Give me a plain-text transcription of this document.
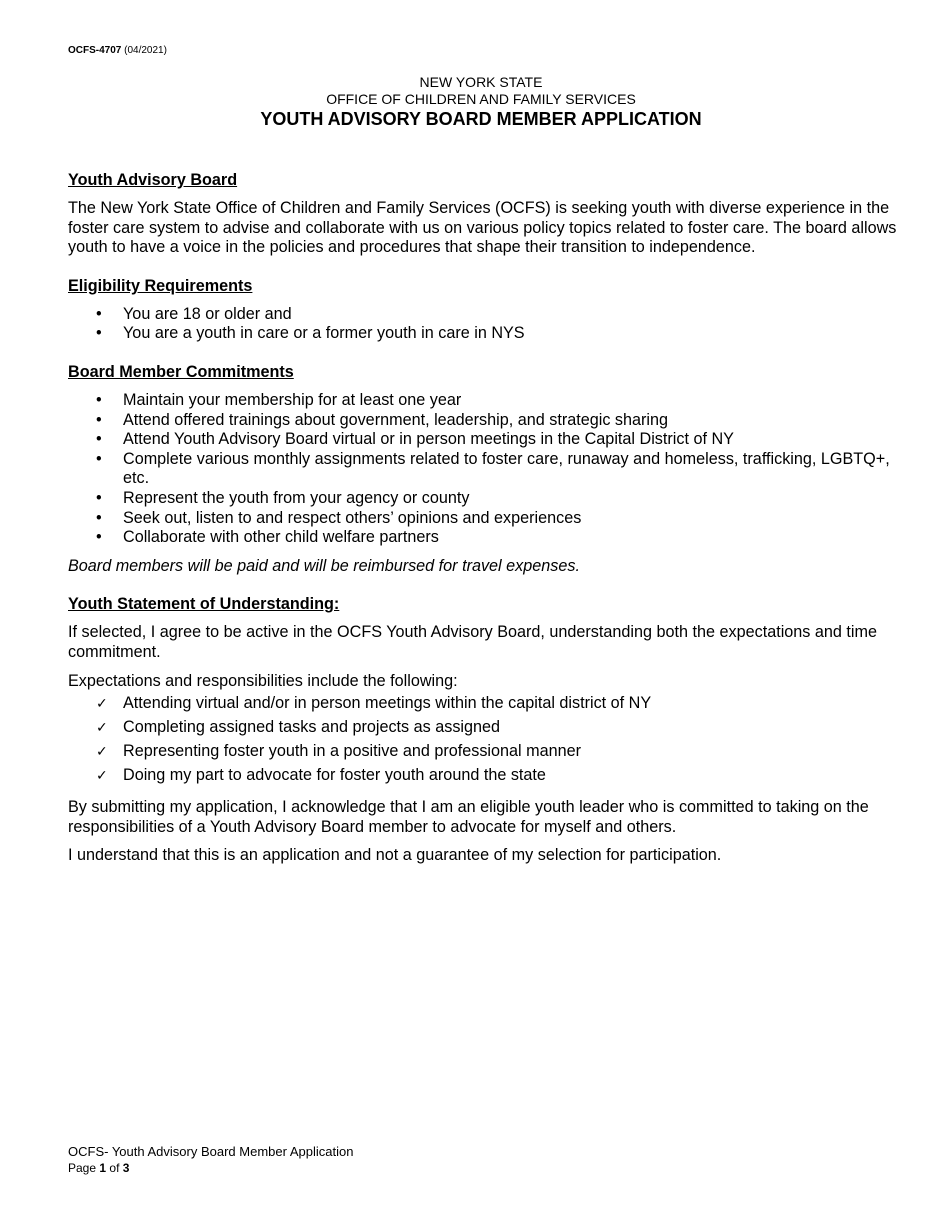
OCFS-4707 (04/2021)
NEW YORK STATE
OFFICE OF CHILDREN AND FAMILY SERVICES
YOUTH ADVISORY BOARD MEMBER APPLICATION
Youth Advisory Board

The New York State Office of Children and Family Services (OCFS) is seeking youth with diverse experience in the foster care system to advise and collaborate with us on various policy topics related to foster care. The board allows youth to have a voice in the policies and procedures that shape their transition to independence.

Eligibility Requirements
• You are 18 or older and
• You are a youth in care or a former youth in care in NYS
Board Member Commitments
• Maintain your membership for at least one year
• Attend offered trainings about government, leadership, and strategic sharing
• Attend Youth Advisory Board virtual or in person meetings in the Capital District of NY
• Complete various monthly assignments related to foster care, runaway and homeless, trafficking, LGBTQ+, etc.
• Represent the youth from your agency or county
• Seek out, listen to and respect others’ opinions and experiences
• Collaborate with other child welfare partners

Board members will be paid and will be reimbursed for travel expenses.

Youth Statement of Understanding:

If selected, I agree to be active in the OCFS Youth Advisory Board, understanding both the expectations and time commitment.

Expectations and responsibilities include the following:

✓ Attending virtual and/or in person meetings within the capital district of NY
✓ Completing assigned tasks and projects as assigned
✓ Representing foster youth in a positive and professional manner
✓ Doing my part to advocate for foster youth around the state

By submitting my application, I acknowledge that I am an eligible youth leader who is committed to taking on the responsibilities of a Youth Advisory Board member to advocate for myself and others.

I understand that this is an application and not a guarantee of my selection for participation.

OCFS- Youth Advisory Board Member Application
Page 1 of 3
